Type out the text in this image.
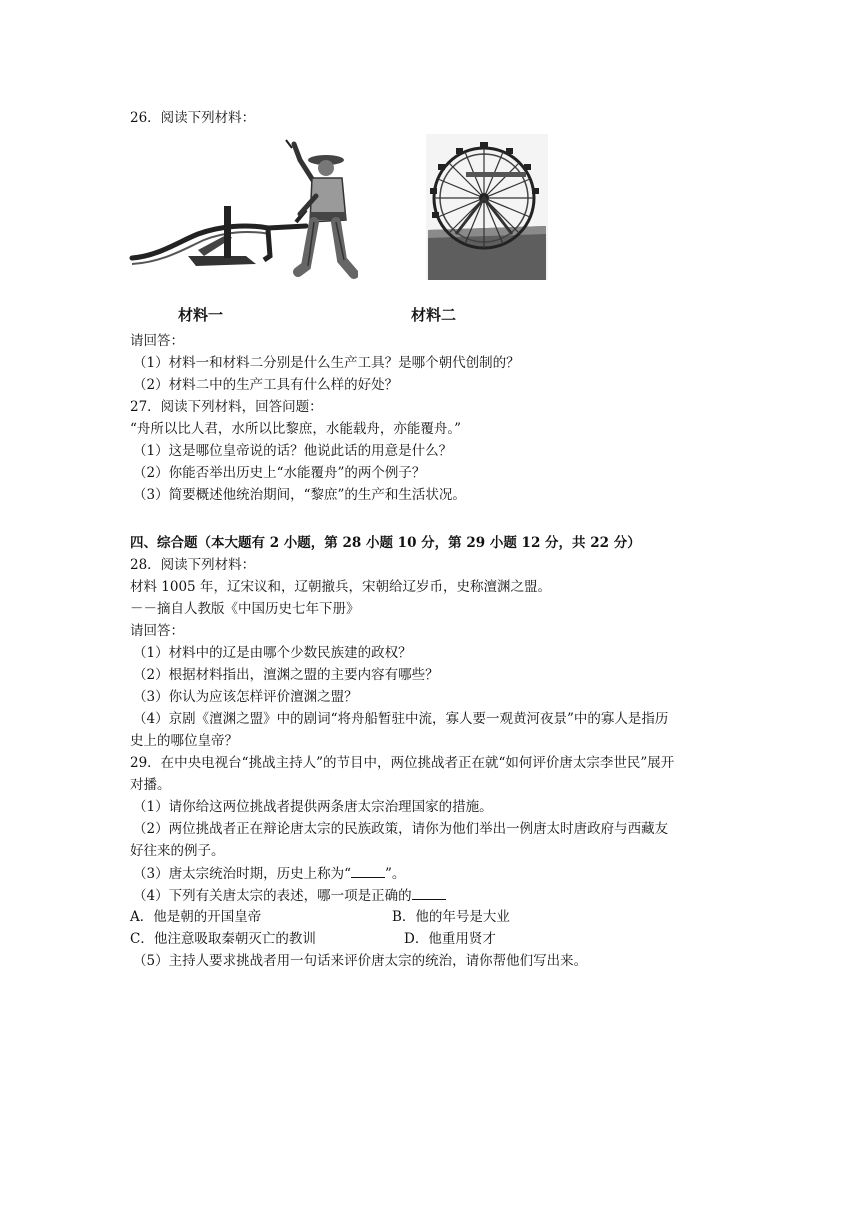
26．阅读下列材料：
材料一	材料二
请回答：
（1）材料一和材料二分别是什么生产工具？是哪个朝代创制的？
（2）材料二中的生产工具有什么样的好处？
27．阅读下列材料，回答问题：
“舟所以比人君，水所以比黎庶，水能载舟，亦能覆舟。”
（1）这是哪位皇帝说的话？他说此话的用意是什么？
（2）你能否举出历史上“水能覆舟”的两个例子？
（3）简要概述他统治期间，“黎庶”的生产和生活状况。
四、综合题（本大题有 2 小题，第 28 小题 10 分，第 29 小题 12 分，共 22 分）
28．阅读下列材料：
材料 1005 年，辽宋议和，辽朝撤兵，宋朝给辽岁币，史称澶渊之盟。
－－摘自人教版《中国历史七年下册》
请回答：
（1）材料中的辽是由哪个少数民族建的政权？
（2）根据材料指出，澶渊之盟的主要内容有哪些？
（3）你认为应该怎样评价澶渊之盟？
（4）京剧《澶渊之盟》中的剧词“将舟船暂驻中流，寡人要一观黄河夜景”中的寡人是指历
史上的哪位皇帝？
29．在中央电视台“挑战主持人”的节目中，两位挑战者正在就“如何评价唐太宗李世民”展开
对播。
（1）请你给这两位挑战者提供两条唐太宗治理国家的措施。
（2）两位挑战者正在辩论唐太宗的民族政策，请你为他们举出一例唐太时唐政府与西藏友
好往来的例子。
（3）唐太宗统治时期，历史上称为“	”。
（4）下列有关唐太宗的表述，哪一项是正确的
A．他是朝的开国皇帝	B．他的年号是大业
C．他注意吸取秦朝灭亡的教训	D．他重用贤才
（5）主持人要求挑战者用一句话来评价唐太宗的统治，请你帮他们写出来。
